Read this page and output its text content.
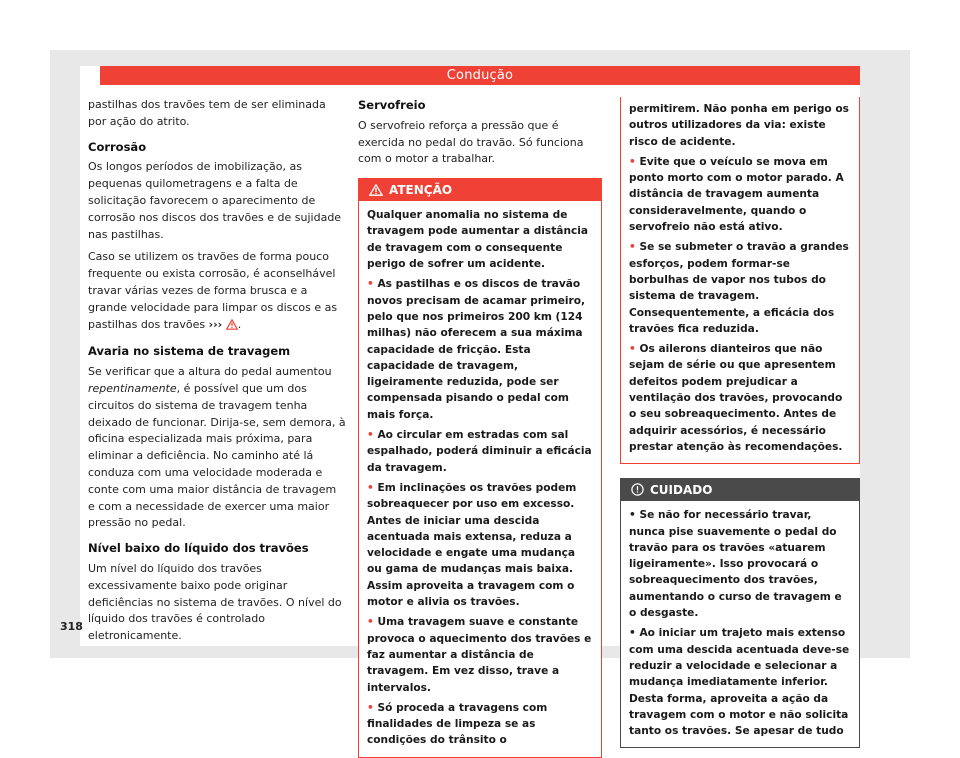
Condução

pastilhas dos travões tem de ser eliminada por ação do atrito.

Corrosão

Os longos períodos de imobilização, as pequenas quilometragens e a falta de solicitação favorecem o aparecimento de corrosão nos discos dos travões e de sujidade nas pastilhas.

Caso se utilizem os travões de forma pouco frequente ou exista corrosão, é aconselhável travar várias vezes de forma brusca e a grande velocidade para limpar os discos e as pastilhas dos travões ››› .

Avaria no sistema de travagem

Se verificar que a altura do pedal aumentou repentinamente, é possível que um dos circuitos do sistema de travagem tenha deixado de funcionar. Dirija-se, sem demora, à oficina especializada mais próxima, para eliminar a deficiência. No caminho até lá conduza com uma velocidade moderada e conte com uma maior distância de travagem e com a necessidade de exercer uma maior pressão no pedal.

Nível baixo do líquido dos travões

Um nível do líquido dos travões excessivamente baixo pode originar deficiências no sistema de travões. O nível do líquido dos travões é controlado eletronicamente.

Servofreio

O servofreio reforça a pressão que é exercida no pedal do travão. Só funciona com o motor a trabalhar.

ATENÇÃO

Qualquer anomalia no sistema de travagem pode aumentar a distância de travagem com o consequente perigo de sofrer um acidente.

• As pastilhas e os discos de travão novos precisam de acamar primeiro, pelo que nos primeiros 200 km (124 milhas) não oferecem a sua máxima capacidade de fricção. Esta capacidade de travagem, ligeiramente reduzida, pode ser compensada pisando o pedal com mais força.

• Ao circular em estradas com sal espalhado, poderá diminuir a eficácia da travagem.

• Em inclinações os travões podem sobreaquecer por uso em excesso. Antes de iniciar uma descida acentuada mais extensa, reduza a velocidade e engate uma mudança ou gama de mudanças mais baixa. Assim aproveita a travagem com o motor e alivia os travões.

• Uma travagem suave e constante provoca o aquecimento dos travões e faz aumentar a distância de travagem. Em vez disso, trave a intervalos.

• Só proceda a travagens com finalidades de limpeza se as condições do trânsito o

permitirem. Não ponha em perigo os outros utilizadores da via: existe risco de acidente.

• Evite que o veículo se mova em ponto morto com o motor parado. A distância de travagem aumenta consideravelmente, quando o servofreio não está ativo.

• Se se submeter o travão a grandes esforços, podem formar-se borbulhas de vapor nos tubos do sistema de travagem. Consequentemente, a eficácia dos travões fica reduzida.

• Os ailerons dianteiros que não sejam de série ou que apresentem defeitos podem prejudicar a ventilação dos travões, provocando o seu sobreaquecimento. Antes de adquirir acessórios, é necessário prestar atenção às recomendações.

CUIDADO

• Se não for necessário travar, nunca pise suavemente o pedal do travão para os travões «atuarem ligeiramente». Isso provocará o sobreaquecimento dos travões, aumentando o curso de travagem e o desgaste.

• Ao iniciar um trajeto mais extenso com uma descida acentuada deve-se reduzir a velocidade e selecionar a mudança imediatamente inferior. Desta forma, aproveita a ação da travagem com o motor e não solicita tanto os travões. Se apesar de tudo

318
